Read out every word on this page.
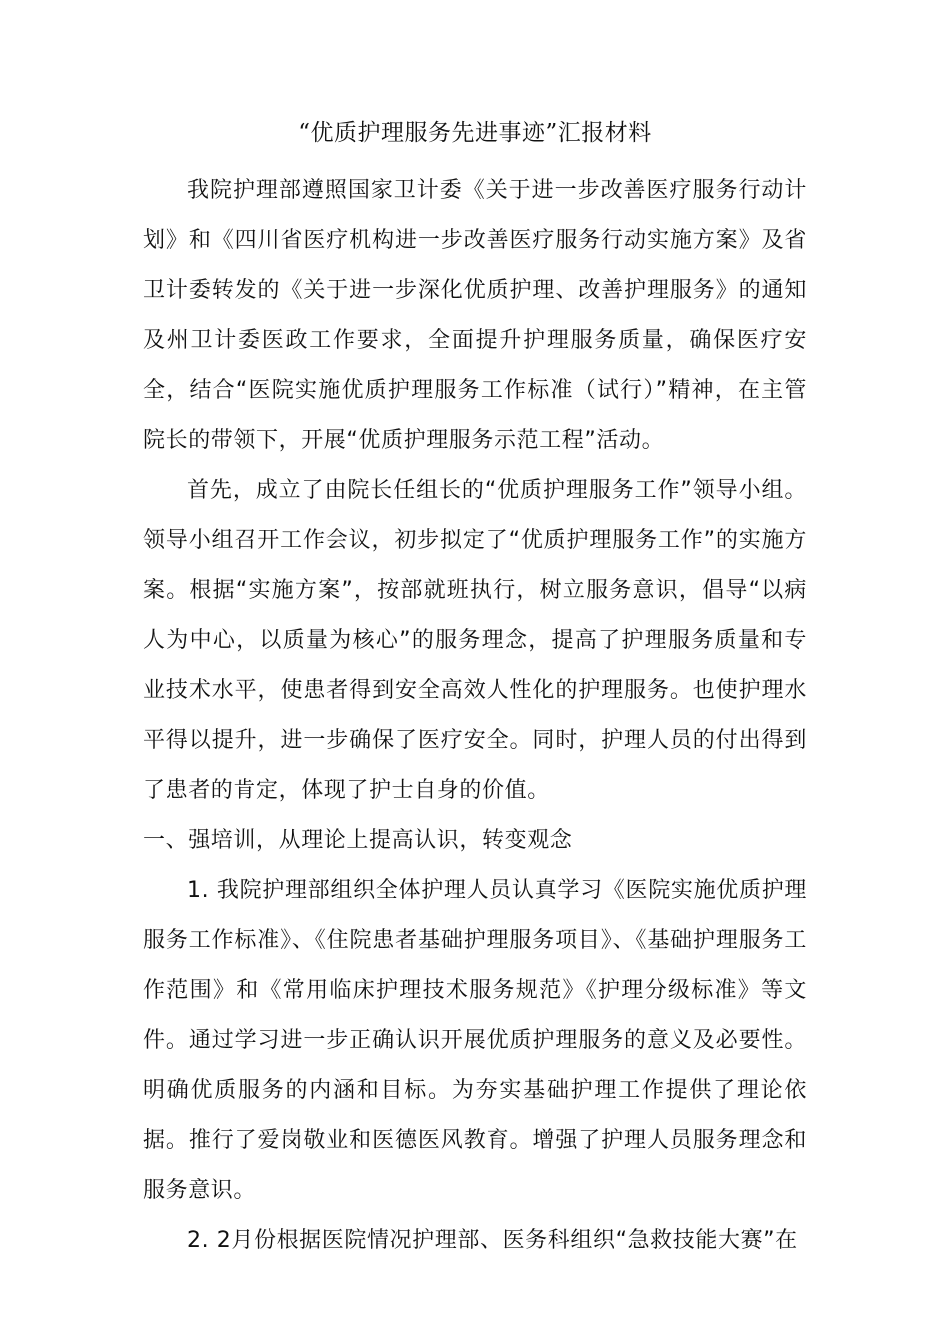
“优质护理服务先进事迹”汇报材料

我院护理部遵照国家卫计委《关于进一步改善医疗服务行动计划》和《四川省医疗机构进一步改善医疗服务行动实施方案》及省卫计委转发的《关于进一步深化优质护理、改善护理服务》的通知及州卫计委医政工作要求，全面提升护理服务质量，确保医疗安全，结合“医院实施优质护理服务工作标准（试行）”精神，在主管院长的带领下，开展“优质护理服务示范工程”活动。

首先，成立了由院长任组长的“优质护理服务工作”领导小组。领导小组召开工作会议，初步拟定了“优质护理服务工作”的实施方案。根据“实施方案”，按部就班执行，树立服务意识，倡导“以病人为中心，以质量为核心”的服务理念，提高了护理服务质量和专业技术水平，使患者得到安全高效人性化的护理服务。也使护理水平得以提升，进一步确保了医疗安全。同时，护理人员的付出得到了患者的肯定，体现了护士自身的价值。

一、强培训，从理论上提高认识，转变观念

1. 我院护理部组织全体护理人员认真学习《医院实施优质护理服务工作标准》、《住院患者基础护理服务项目》、《基础护理服务工作范围》和《常用临床护理技术服务规范》《护理分级标准》等文件。通过学习进一步正确认识开展优质护理服务的意义及必要性。明确优质服务的内涵和目标。为夯实基础护理工作提供了理论依据。推行了爱岗敬业和医德医风教育。增强了护理人员服务理念和服务意识。

2. 2月份根据医院情况护理部、医务科组织“急救技能大赛”在
